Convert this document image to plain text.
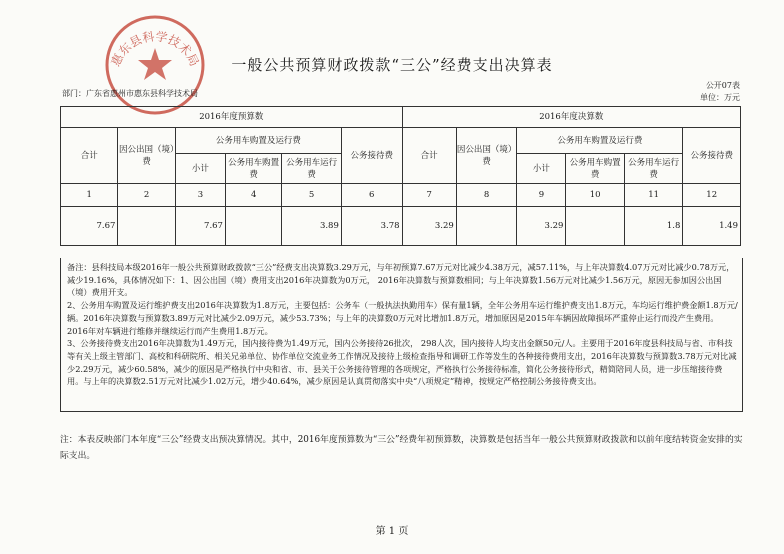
惠东县科学技术局	一般公共预算财政拨款“三公”经费支出决算表
公开07表
单位：万元
部门：广东省惠州市惠东县科学技术局
2016年度预算数						2016年度决算数					
合计	因公出国（境）费	公务用车购置及运行费			公务接待费	合计	因公出国（境）费	公务用车购置及运行费			公务接待费
		小计	公务用车购置费	公务用车运行费				小计	公务用车购置费	公务用车运行费	
1	2	3	4	5	6	7	8	9	10	11	12
7.67		7.67		3.89	3.78	3.29		3.29		1.8	1.49

备注：县科技局本级2016年一般公共预算财政拨款“三公”经费支出决算数3.29万元，与年初预算7.67万元对比减少4.38万元，减57.11%，与上年决算数4.07万元对比减少0.78万元，减少19.16%，具体情况如下：1、因公出国（境）费用支出2016年决算数为0万元， 2016年决算数与预算数相同；与上年决算数1.56万元对比减少1.56万元，原因无参加因公出国（境）费用开支。

2、公务用车购置及运行维护费支出2016年决算数为1.8万元，主要包括：公务车（一般执法执勤用车）保有量1辆，全年公务用车运行维护费支出1.8万元，车均运行维护费金额1.8万元/辆。2016年决算数与预算数3.89万元对比减少2.09万元，减少53.73%；与上年的决算数0万元对比增加1.8万元，增加原因是2015年车辆因故障损坏严重停止运行而没产生费用。2016年对车辆进行维修并继续运行而产生费用1.8万元。

3、公务接待费支出2016年决算数为1.49万元，国内接待费为1.49万元，国内公务接待26批次， 298人次，国内接待人均支出金额50元/人。主要用于2016年度县科技局与省、市科技等有关上级主管部门、高校和科研院所、相关兄弟单位、协作单位交流业务工作情况及接待上级检查指导和调研工作等发生的各种接待费用支出，2016年决算数与预算数3.78万元对比减少2.29万元，减少60.58%，减少的原因是严格执行中央和省、市、县关于公务接待管理的各项规定，严格执行公务接待标准，简化公务接待形式，精简陪同人员，进一步压缩接待费用。与上年的决算数2.51万元对比减少1.02万元，增少40.64%，减少原因是认真贯彻落实中央“八项规定”精神，按规定严格控制公务接待费支出。

注：本表反映部门本年度“三公”经费支出预决算情况。其中，2016年度预算数为“三公”经费年初预算数，决算数是包括当年一般公共预算财政拨款和以前年度结转资金安排的实际支出。

第 1 页
